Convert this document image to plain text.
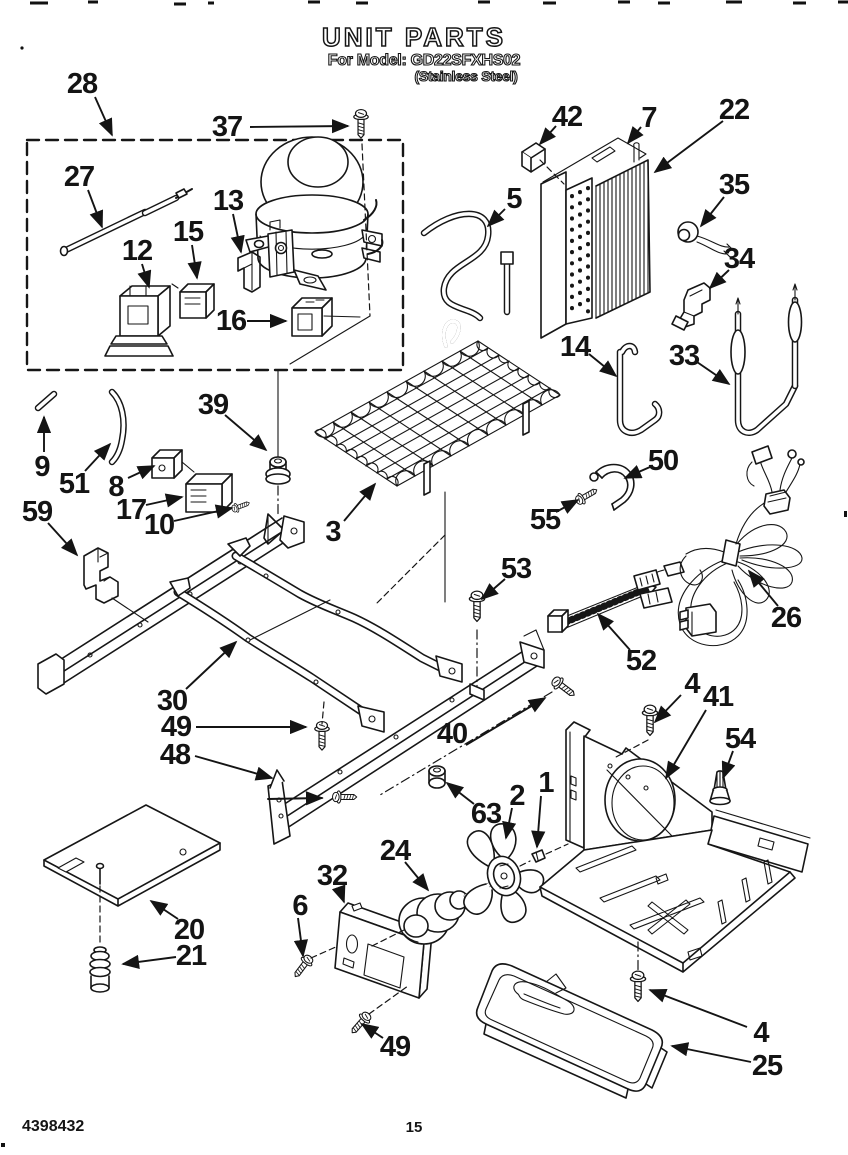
28
37
27
12
15
13
16
42 7 22
5	35
34
14	33
9
51 8
17
10
39
3
59
50
55
26
53
52
30
49
48
40
63
4 41
54
2 1
24
32
6
20
21
49	4
25
UNIT PARTS
For Model: GD22SFXHS02
(Stainless Steel)
4398432	15
